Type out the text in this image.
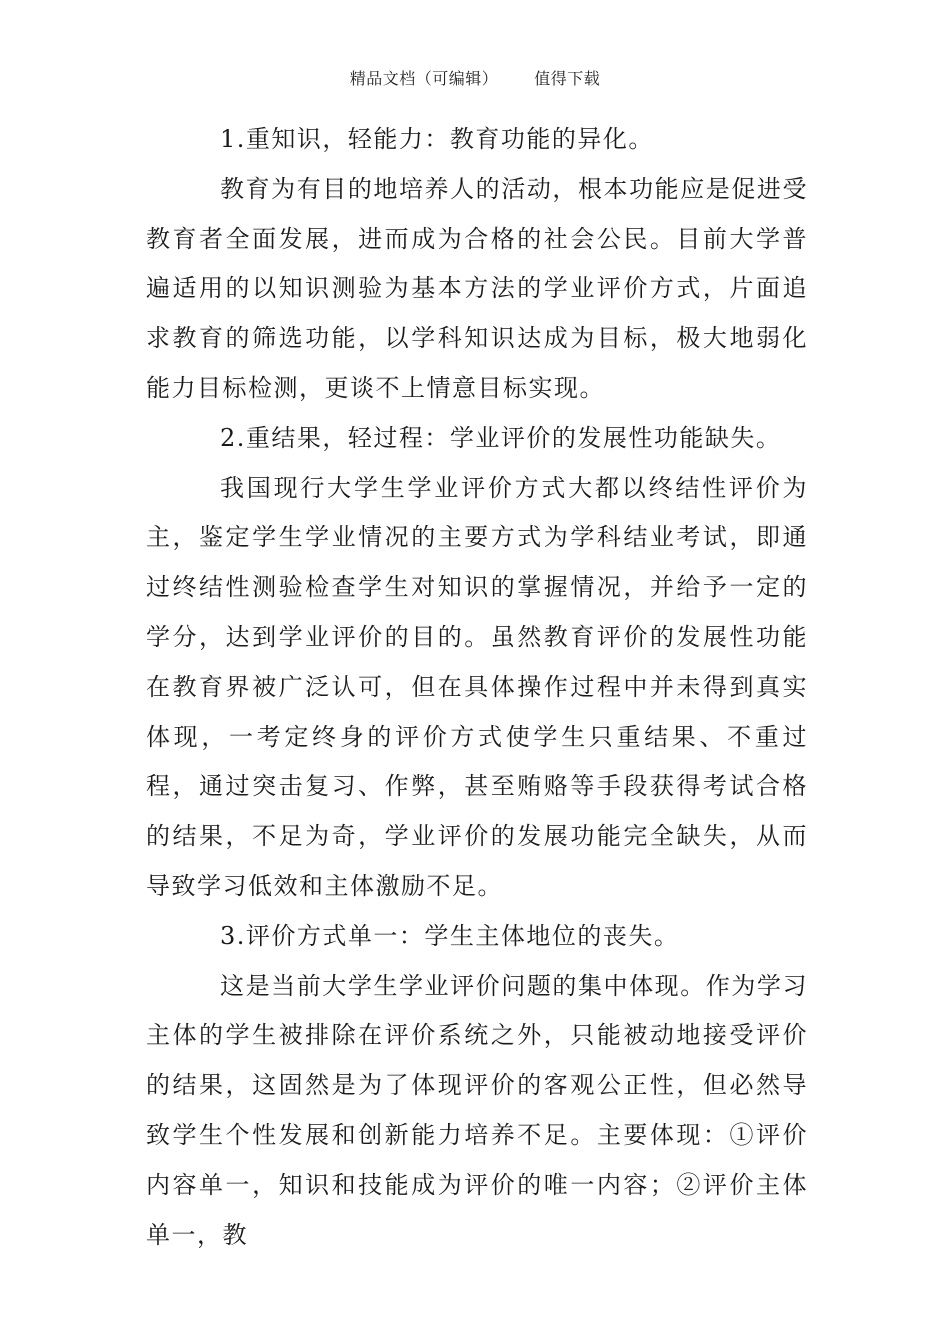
精品文档（可编辑） 值得下载

1.重知识，轻能力：教育功能的异化。

教育为有目的地培养人的活动，根本功能应是促进受教育者全面发展，进而成为合格的社会公民。目前大学普遍适用的以知识测验为基本方法的学业评价方式，片面追求教育的筛选功能，以学科知识达成为目标，极大地弱化能力目标检测，更谈不上情意目标实现。

2.重结果，轻过程：学业评价的发展性功能缺失。

我国现行大学生学业评价方式大都以终结性评价为主，鉴定学生学业情况的主要方式为学科结业考试，即通过终结性测验检查学生对知识的掌握情况，并给予一定的学分，达到学业评价的目的。虽然教育评价的发展性功能在教育界被广泛认可，但在具体操作过程中并未得到真实体现，一考定终身的评价方式使学生只重结果、不重过程，通过突击复习、作弊，甚至贿赂等手段获得考试合格的结果，不足为奇，学业评价的发展功能完全缺失，从而导致学习低效和主体激励不足。

3.评价方式单一：学生主体地位的丧失。

这是当前大学生学业评价问题的集中体现。作为学习主体的学生被排除在评价系统之外，只能被动地接受评价的结果，这固然是为了体现评价的客观公正性，但必然导致学生个性发展和创新能力培养不足。主要体现：①评价内容单一，知识和技能成为评价的唯一内容；②评价主体单一，教
